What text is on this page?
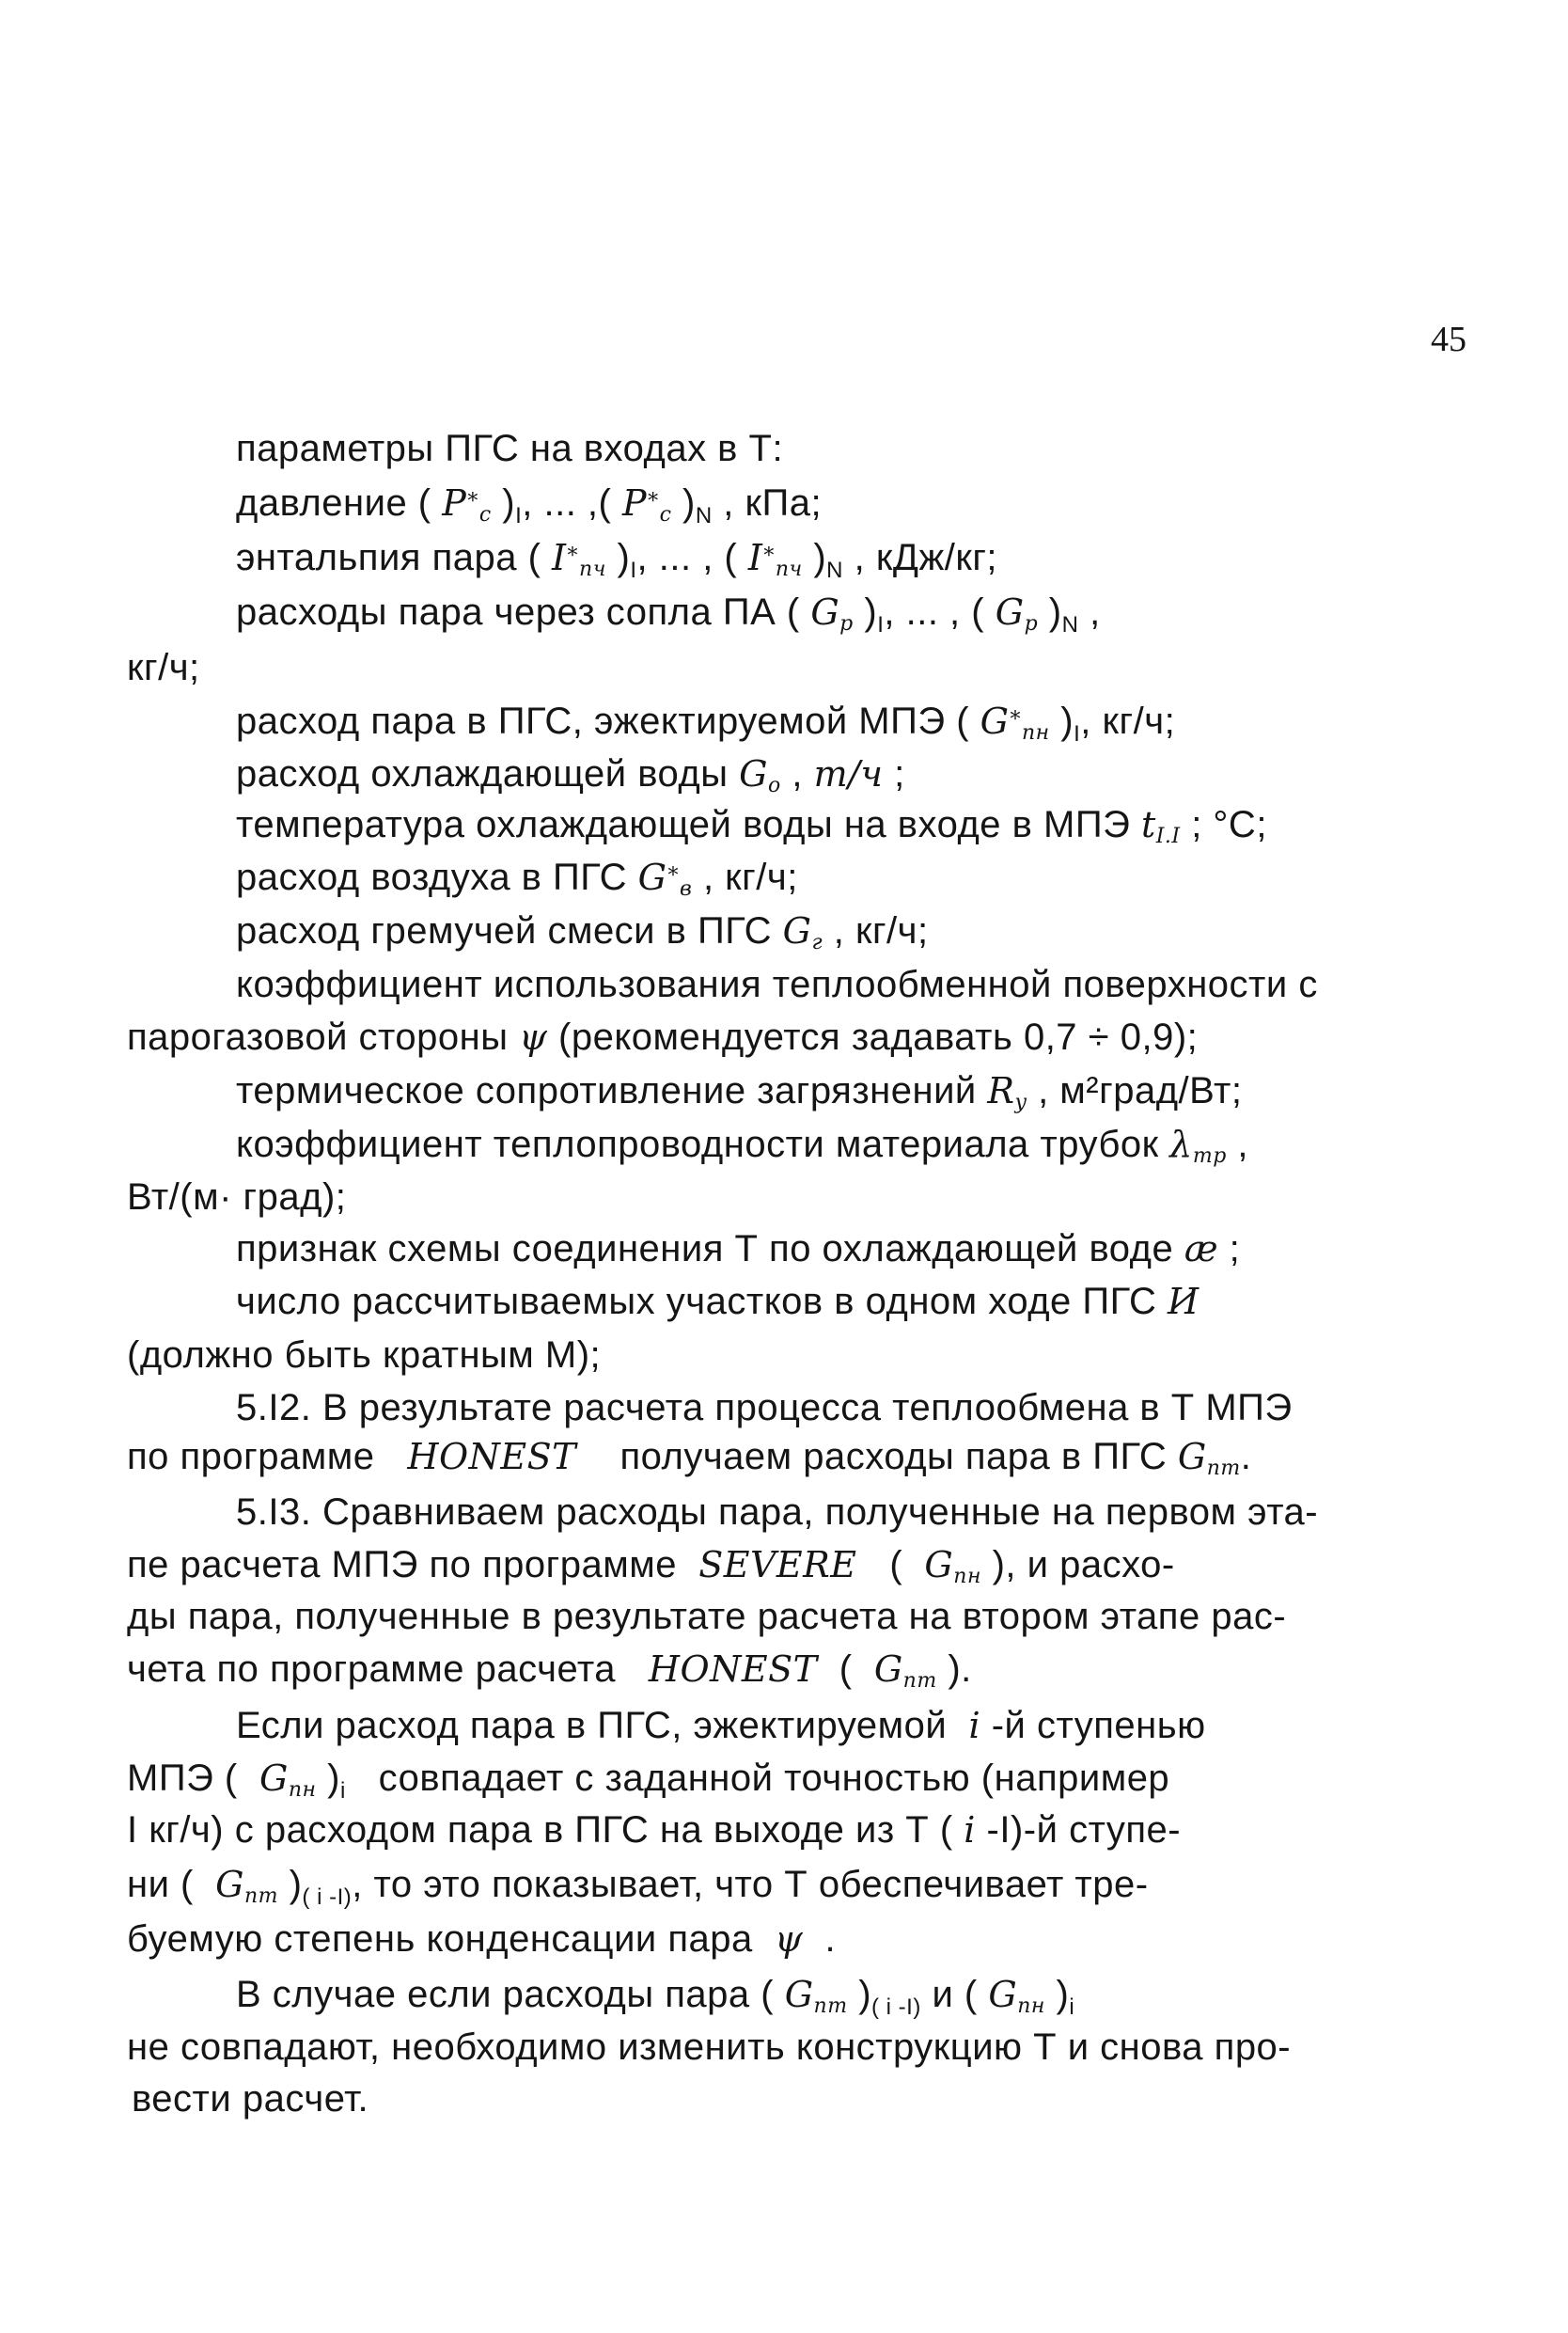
45
параметры ПГС на входах в Т:
давление ( $P^*_c$ )$_I$, ... ,( $P^*_c$ )$_N$ , кПа;
энтальпия пара ( $I^*_{пч}$ )$_I$, ... , ( $I^*_{пч}$ )$_N$ , кДж/кг;
расходы пара через сопла ПА ( $G_p$ )$_I$, ... , ( $G_p$ )$_N$ ,
кг/ч;
расход пара в ПГС, эжектируемой МПЭ ( $G^*_{пн}$ )$_I$, кг/ч;
расход охлаждающей воды $G_o$ , т/ч ;
температура охлаждающей воды на входе в МПЭ $t_{I.I}$ ; °С;
расход воздуха в ПГС $G^*_в$ , кг/ч;
расход гремучей смеси в ПГС $G_г$ , кг/ч;
коэффициент использования теплообменной поверхности с
парогазовой стороны ψ (рекомендуется задавать 0,7 ÷ 0,9);
термическое сопротивление загрязнений $R_y$ , м²град/Вт;
коэффициент теплопроводности материала трубок $\lambda_{тр}$ ,
Вт/(м· град);
признак схемы соединения Т по охлаждающей воде æ ;
число рассчитываемых участков в одном ходе ПГС И
(должно быть кратным М);
5.I2. В результате расчета процесса теплообмена в Т МПЭ
по программе   HONEST    получаем расходы пара в ПГС $G_{пт}$.
5.I3. Сравниваем расходы пара, полученные на первом эта-
пе расчета МПЭ по программе  SEVERE   (  $G_{пн}$ ), и расхо-
ды пара, полученные в результате расчета на втором этапе рас-
чета по программе расчета   HONEST  (  $G_{пт}$ ).
Если расход пара в ПГС, эжектируемой  i -й ступенью
МПЭ (  $G_{пн}$ )$_i$   совпадает с заданной точностью (например
I кг/ч) с расходом пара в ПГС на выходе из Т ( i -I)-й ступе-
ни (  $G_{пт}$ )$_{( i -I)}$, то это показывает, что Т обеспечивает тре-
буемую степень конденсации пара  ψ  .
В случае если расходы пара ( $G_{пт}$ )$_{( i -I)}$ и ( $G_{пн}$ )$_i$
не совпадают, необходимо изменить конструкцию Т и снова про-
вести расчет.
